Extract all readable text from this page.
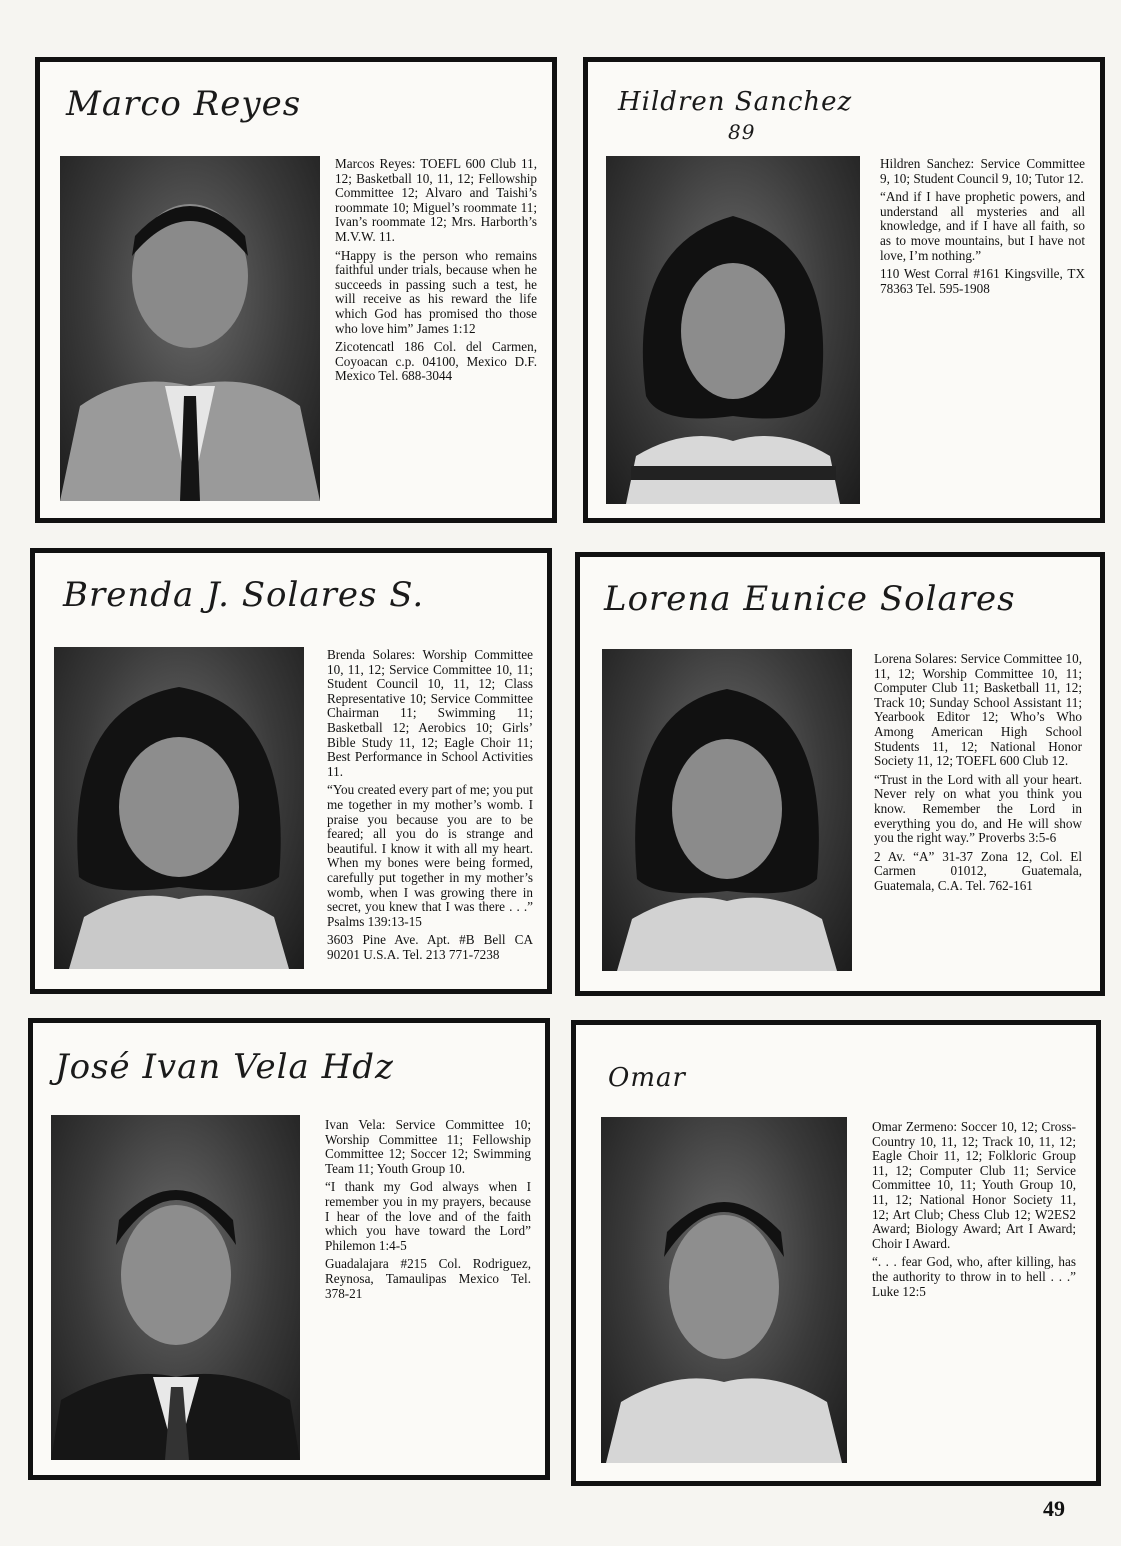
Marco Reyes

Marcos Reyes: TOEFL 600 Club 11, 12; Basketball 10, 11, 12; Fellowship Committee 12; Alvaro and Taishi’s roommate 10; Miguel’s roommate 11; Ivan’s roommate 12; Mrs. Harborth’s M.V.W. 11.

“Happy is the person who remains faithful under trials, because when he succeeds in passing such a test, he will receive as his reward the life which God has promised tho those who love him” James 1:12

Zicotencatl 186 Col. del Carmen, Coyoacan c.p. 04100, Mexico D.F. Mexico Tel. 688-3044

Hildren Sanchez
89

Hildren Sanchez: Service Committee 9, 10; Student Council 9, 10; Tutor 12.

“And if I have prophetic powers, and understand all mysteries and all knowledge, and if I have all faith, so as to move mountains, but I have not love, I’m nothing.”

110 West Corral #161 Kingsville, TX 78363 Tel. 595-1908

Brenda J. Solares S.

Brenda Solares: Worship Committee 10, 11, 12; Service Committee 10, 11; Student Council 10, 11, 12; Class Representative 10; Service Committee Chairman 11; Swimming 11; Basketball 12; Aerobics 10; Girls’ Bible Study 11, 12; Eagle Choir 11; Best Performance in School Activities 11.

“You created every part of me; you put me together in my mother’s womb. I praise you because you are to be feared; all you do is strange and beautiful. I know it with all my heart. When my bones were being formed, carefully put together in my mother’s womb, when I was growing there in secret, you knew that I was there . . .” Psalms 139:13-15

3603 Pine Ave. Apt. #B Bell CA 90201 U.S.A. Tel. 213 771-7238

Lorena Eunice Solares

Lorena Solares: Service Committee 10, 11, 12; Worship Committee 10, 11; Computer Club 11; Basketball 11, 12; Track 10; Sunday School Assistant 11; Yearbook Editor 12; Who’s Who Among American High School Students 11, 12; National Honor Society 11, 12; TOEFL 600 Club 12.

“Trust in the Lord with all your heart. Never rely on what you think you know. Remember the Lord in everything you do, and He will show you the right way.” Proverbs 3:5-6

2 Av. “A” 31-37 Zona 12, Col. El Carmen 01012, Guatemala, Guatemala, C.A. Tel. 762-161

José Ivan Vela Hdz

Ivan Vela: Service Committee 10; Worship Committee 11; Fellowship Committee 12; Soccer 12; Swimming Team 11; Youth Group 10.

“I thank my God always when I remember you in my prayers, because I hear of the love and of the faith which you have toward the Lord” Philemon 1:4-5

Guadalajara #215 Col. Rodriguez, Reynosa, Tamaulipas Mexico Tel. 378-21

Omar

Omar Zermeno: Soccer 10, 12; Cross-Country 10, 11, 12; Track 10, 11, 12; Eagle Choir 11, 12; Folkloric Group 11, 12; Computer Club 11; Service Committee 10, 11; Youth Group 10, 11, 12; National Honor Society 11, 12; Art Club; Chess Club 12; W2ES2 Award; Biology Award; Art I Award; Choir I Award.

“. . . fear God, who, after killing, has the authority to throw in to hell . . .” Luke 12:5

49
